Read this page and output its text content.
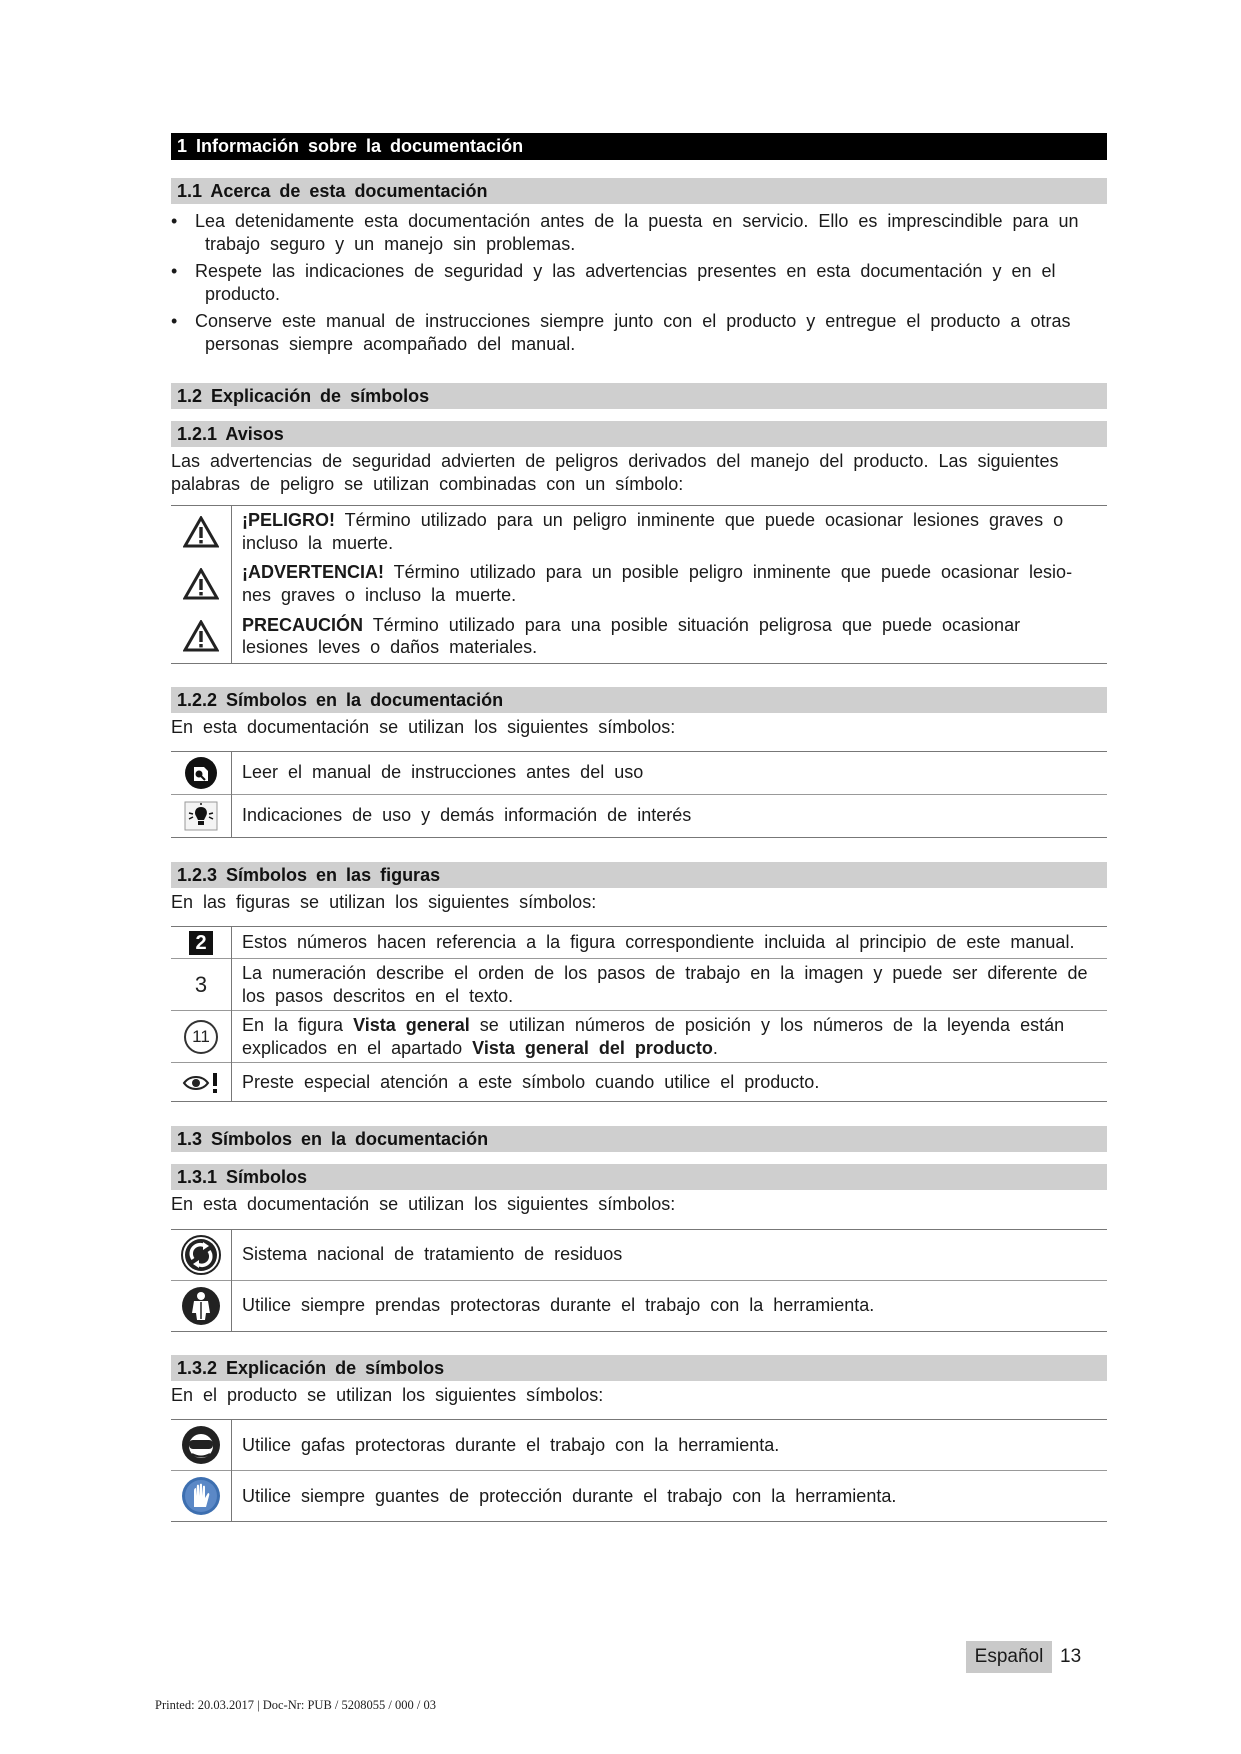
1 Información sobre la documentación
1.1 Acerca de esta documentación
• Lea detenidamente esta documentación antes de la puesta en servicio. Ello es imprescindible para un
trabajo seguro y un manejo sin problemas.
• Respete las indicaciones de seguridad y las advertencias presentes en esta documentación y en el
producto.
• Conserve este manual de instrucciones siempre junto con el producto y entregue el producto a otras
personas siempre acompañado del manual.
1.2 Explicación de símbolos
1.2.1 Avisos
Las advertencias de seguridad advierten de peligros derivados del manejo del producto. Las siguientes
palabras de peligro se utilizan combinadas con un símbolo:
	¡PELIGRO! Término utilizado para un peligro inminente que puede ocasionar lesiones graves o
incluso la muerte.
	¡ADVERTENCIA! Término utilizado para un posible peligro inminente que puede ocasionar lesio-
nes graves o incluso la muerte.
	PRECAUCIÓN Término utilizado para una posible situación peligrosa que puede ocasionar
lesiones leves o daños materiales.
1.2.2 Símbolos en la documentación
En esta documentación se utilizan los siguientes símbolos:
	Leer el manual de instrucciones antes del uso
	Indicaciones de uso y demás información de interés
1.2.3 Símbolos en las figuras
En las figuras se utilizan los siguientes símbolos:
2	Estos números hacen referencia a la figura correspondiente incluida al principio de este manual.
3	La numeración describe el orden de los pasos de trabajo en la imagen y puede ser diferente de
los pasos descritos en el texto.
11	En la figura Vista general se utilizan números de posición y los números de la leyenda están
explicados en el apartado Vista general del producto.
	Preste especial atención a este símbolo cuando utilice el producto.
1.3 Símbolos en la documentación
1.3.1 Símbolos
En esta documentación se utilizan los siguientes símbolos:
	Sistema nacional de tratamiento de residuos
	Utilice siempre prendas protectoras durante el trabajo con la herramienta.
1.3.2 Explicación de símbolos
En el producto se utilizan los siguientes símbolos:
	Utilice gafas protectoras durante el trabajo con la herramienta.
	Utilice siempre guantes de protección durante el trabajo con la herramienta.
Español 13
Printed: 20.03.2017 | Doc-Nr: PUB / 5208055 / 000 / 03
